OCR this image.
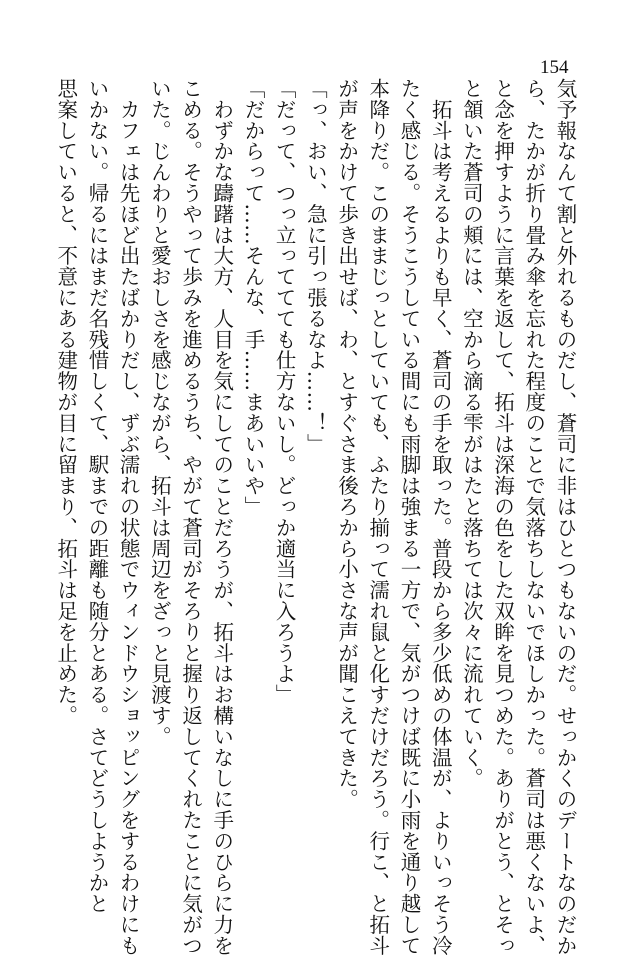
154

気予報なんて割と外れるものだし、蒼司に非はひとつもないのだ。せっかくのデートなのだか

ら、たかが折り畳み傘を忘れた程度のことで気落ちしないでほしかった。蒼司は悪くないよ、

と念を押すように言葉を返して、拓斗は深海の色をした双眸を見つめた。ありがとう、とそっ

と頷いた蒼司の頬には、空から滴る雫がはたと落ちては次々に流れていく。

　拓斗は考えるよりも早く、蒼司の手を取った。普段から多少低めの体温が、よりいっそう冷

たく感じる。そうこうしている間にも雨脚は強まる一方で、気がつけば既に小雨を通り越して

本降りだ。このままじっとしていても、ふたり揃って濡れ鼠と化すだけだろう。行こ、と拓斗

が声をかけて歩き出せば、わ、とすぐさま後ろから小さな声が聞こえてきた。

「っ、おい、急に引っ張るなよ……！」

「だって、つっ立っててても仕方ないし。どっか適当に入ろうよ」

「だからって……そんな、手……まあいいや」

　わずかな躊躇は大方、人目を気にしてのことだろうが、拓斗はお構いなしに手のひらに力を

こめる。そうやって歩みを進めるうち、やがて蒼司がそろりと握り返してくれたことに気がつ

いた。じんわりと愛おしさを感じながら、拓斗は周辺をざっと見渡す。

　カフェは先ほど出たばかりだし、ずぶ濡れの状態でウィンドウショッピングをするわけにも

いかない。帰るにはまだ名残惜しくて、駅までの距離も随分とある。さてどうしようかと

思案していると、不意にある建物が目に留まり、拓斗は足を止めた。
